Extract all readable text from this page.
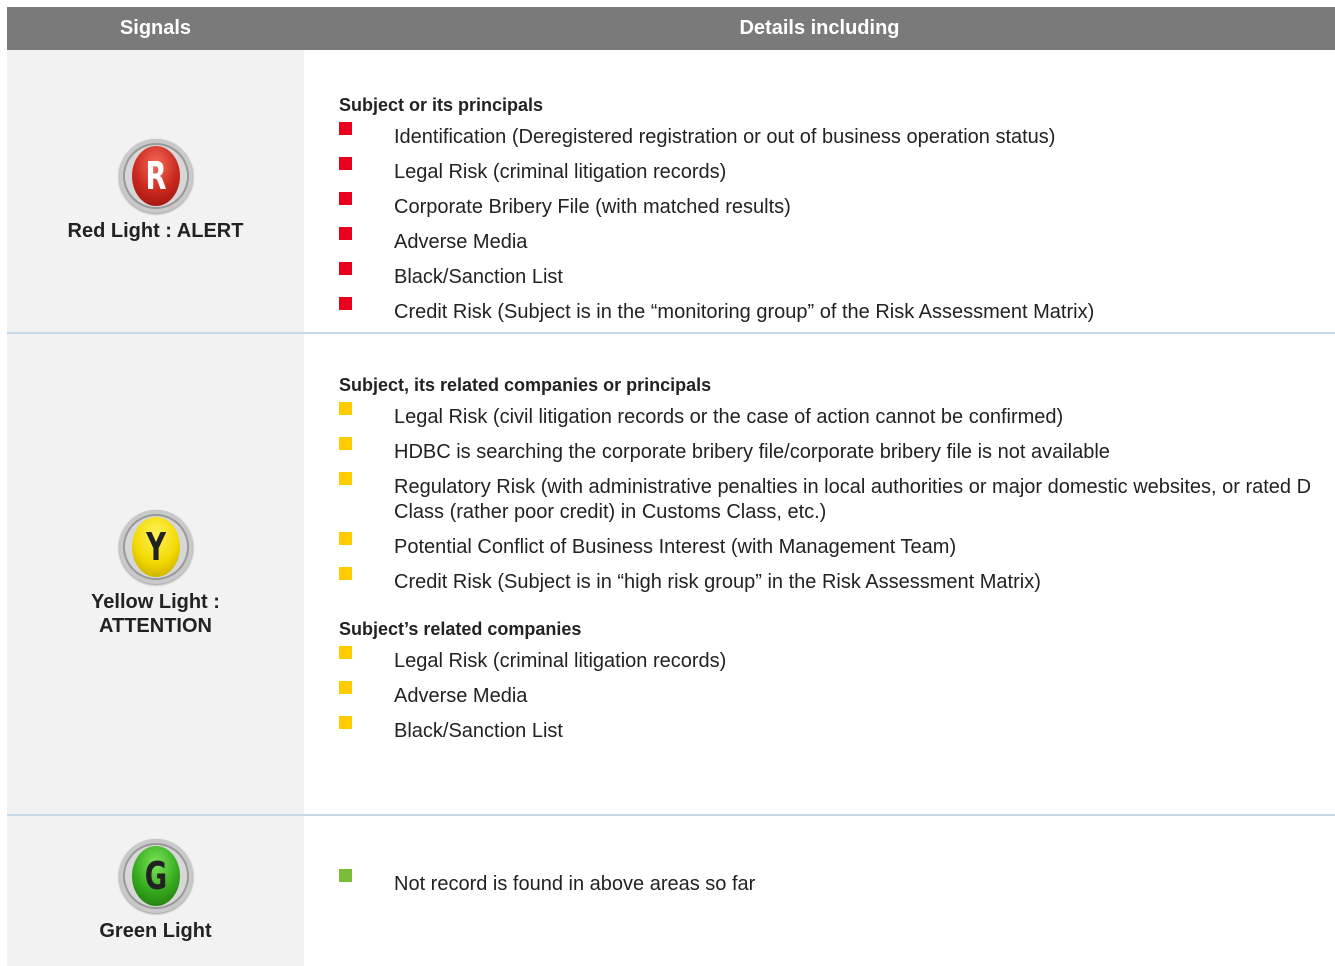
Signals	Details including
R
Red Light : ALERT
Subject or its principals
Identification (Deregistered registration or out of business operation status)
Legal Risk (criminal litigation records)
Corporate Bribery File (with matched results)
Adverse Media
Black/Sanction List
Credit Risk (Subject is in the “monitoring group” of the Risk Assessment Matrix)
Y
Yellow Light :
ATTENTION
Subject, its related companies or principals
Legal Risk (civil litigation records or the case of action cannot be confirmed)
HDBC is searching the corporate bribery file/corporate bribery file is not available
Regulatory Risk (with administrative penalties in local authorities or major domestic websites, or rated D Class (rather poor credit) in Customs Class, etc.)
Potential Conflict of Business Interest (with Management Team)
Credit Risk (Subject is in “high risk group” in the Risk Assessment Matrix)
Subject’s related companies
Legal Risk (criminal litigation records)
Adverse Media
Black/Sanction List
G
Green Light
Not record is found in above areas so far
